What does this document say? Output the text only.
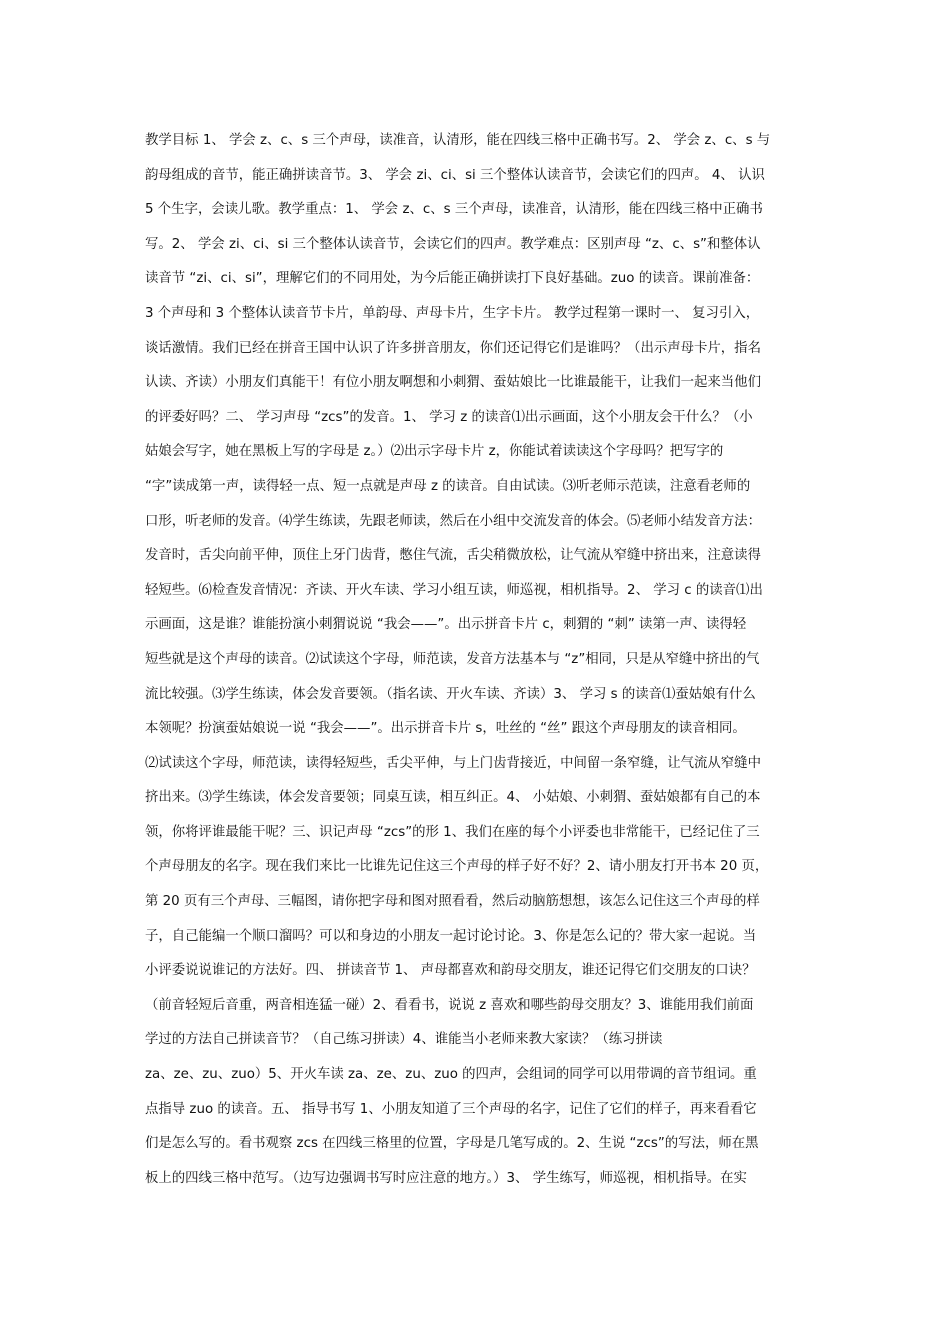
教学目标 1、 学会 z、c、s 三个声母，读准音，认清形，能在四线三格中正确书写。2、 学会 z、c、s 与
韵母组成的音节，能正确拼读音节。3、 学会 zi、ci、si 三个整体认读音节，会读它们的四声。 4、 认识
5 个生字，会读儿歌。教学重点：1、 学会 z、c、s 三个声母，读准音，认清形，能在四线三格中正确书
写。2、 学会 zi、ci、si 三个整体认读音节，会读它们的四声。教学难点：区别声母 “z、c、s”和整体认
读音节 “zi、ci、si”，理解它们的不同用处，为今后能正确拼读打下良好基础。zuo 的读音。课前准备：
3 个声母和 3 个整体认读音节卡片，单韵母、声母卡片，生字卡片。 教学过程第一课时一、 复习引入，
谈话激情。我们已经在拼音王国中认识了许多拼音朋友，你们还记得它们是谁吗？（出示声母卡片，指名
认读、齐读）小朋友们真能干！有位小朋友啊想和小刺猬、蚕姑娘比一比谁最能干，让我们一起来当他们
的评委好吗？二、 学习声母 “zcs”的发音。1、 学习 z 的读音⑴出示画面，这个小朋友会干什么？（小
姑娘会写字，她在黑板上写的字母是 z。）⑵出示字母卡片 z，你能试着读读这个字母吗？把写字的
“字”读成第一声，读得轻一点、短一点就是声母 z 的读音。自由试读。⑶听老师示范读，注意看老师的
口形，听老师的发音。⑷学生练读，先跟老师读，然后在小组中交流发音的体会。⑸老师小结发音方法：
发音时，舌尖向前平伸，顶住上牙门齿背，憋住气流，舌尖稍微放松，让气流从窄缝中挤出来，注意读得
轻短些。⑹检查发音情况：齐读、开火车读、学习小组互读，师巡视，相机指导。2、 学习 c 的读音⑴出
示画面，这是谁？谁能扮演小刺猬说说 “我会——”。出示拼音卡片 c，刺猬的 “刺” 读第一声、读得轻
短些就是这个声母的读音。⑵试读这个字母，师范读，发音方法基本与 “z”相同，只是从窄缝中挤出的气
流比较强。⑶学生练读，体会发音要领。（指名读、开火车读、齐读）3、 学习 s 的读音⑴蚕姑娘有什么
本领呢？扮演蚕姑娘说一说 “我会——”。出示拼音卡片 s，吐丝的 “丝” 跟这个声母朋友的读音相同。
⑵试读这个字母，师范读，读得轻短些，舌尖平伸，与上门齿背接近，中间留一条窄缝，让气流从窄缝中
挤出来。⑶学生练读，体会发音要领；同桌互读，相互纠正。4、 小姑娘、小刺猬、蚕姑娘都有自己的本
领，你将评谁最能干呢？三、识记声母 “zcs”的形 1、我们在座的每个小评委也非常能干，已经记住了三
个声母朋友的名字。现在我们来比一比谁先记住这三个声母的样子好不好？2、请小朋友打开书本 20 页，
第 20 页有三个声母、三幅图，请你把字母和图对照看看，然后动脑筋想想，该怎么记住这三个声母的样
子，自己能编一个顺口溜吗？可以和身边的小朋友一起讨论讨论。3、你是怎么记的？带大家一起说。当
小评委说说谁记的方法好。四、 拼读音节 1、 声母都喜欢和韵母交朋友，谁还记得它们交朋友的口诀？
（前音轻短后音重，两音相连猛一碰）2、看看书，说说 z 喜欢和哪些韵母交朋友？3、谁能用我们前面
学过的方法自己拼读音节？（自己练习拼读）4、谁能当小老师来教大家读？（练习拼读
za、ze、zu、zuo）5、开火车读 za、ze、zu、zuo 的四声，会组词的同学可以用带调的音节组词。重
点指导 zuo 的读音。五、 指导书写 1、小朋友知道了三个声母的名字，记住了它们的样子，再来看看它
们是怎么写的。看书观察 zcs 在四线三格里的位置，字母是几笔写成的。2、生说 “zcs”的写法，师在黑
板上的四线三格中范写。（边写边强调书写时应注意的地方。）3、 学生练写，师巡视，相机指导。在实
